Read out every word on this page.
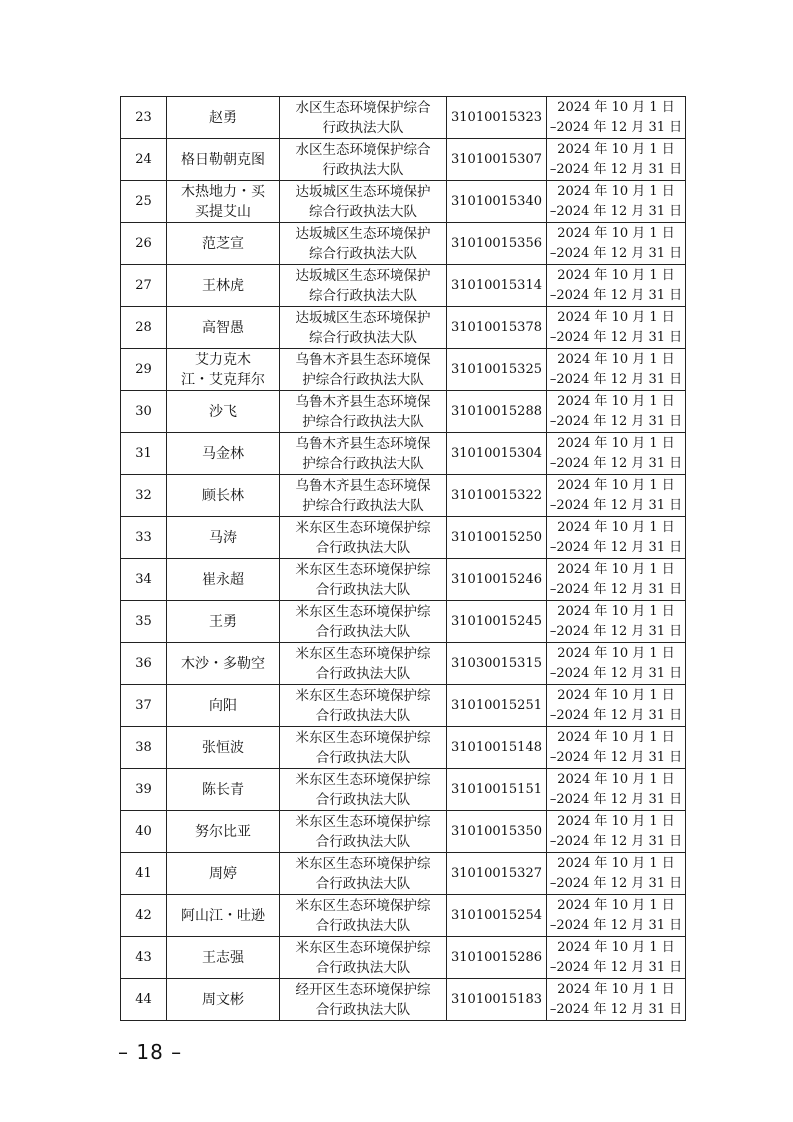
23	赵勇	水区生态环境保护综合
行政执法大队	31010015323	2024 年 10 月 1 日
–2024 年 12 月 31 日

24	格日勒朝克图	水区生态环境保护综合
行政执法大队	31010015307	2024 年 10 月 1 日
–2024 年 12 月 31 日

25	木热地力・买
买提艾山	达坂城区生态环境保护
综合行政执法大队	31010015340	2024 年 10 月 1 日
–2024 年 12 月 31 日

26	范芝宣	达坂城区生态环境保护
综合行政执法大队	31010015356	2024 年 10 月 1 日
–2024 年 12 月 31 日

27	王林虎	达坂城区生态环境保护
综合行政执法大队	31010015314	2024 年 10 月 1 日
–2024 年 12 月 31 日

28	高智愚	达坂城区生态环境保护
综合行政执法大队	31010015378	2024 年 10 月 1 日
–2024 年 12 月 31 日

29	艾力克木
江・艾克拜尔	乌鲁木齐县生态环境保
护综合行政执法大队	31010015325	2024 年 10 月 1 日
–2024 年 12 月 31 日

30	沙飞	乌鲁木齐县生态环境保
护综合行政执法大队	31010015288	2024 年 10 月 1 日
–2024 年 12 月 31 日

31	马金林	乌鲁木齐县生态环境保
护综合行政执法大队	31010015304	2024 年 10 月 1 日
–2024 年 12 月 31 日

32	顾长林	乌鲁木齐县生态环境保
护综合行政执法大队	31010015322	2024 年 10 月 1 日
–2024 年 12 月 31 日

33	马涛	米东区生态环境保护综
合行政执法大队	31010015250	2024 年 10 月 1 日
–2024 年 12 月 31 日

34	崔永超	米东区生态环境保护综
合行政执法大队	31010015246	2024 年 10 月 1 日
–2024 年 12 月 31 日

35	王勇	米东区生态环境保护综
合行政执法大队	31010015245	2024 年 10 月 1 日
–2024 年 12 月 31 日

36	木沙・多勒空	米东区生态环境保护综
合行政执法大队	31030015315	2024 年 10 月 1 日
–2024 年 12 月 31 日

37	向阳	米东区生态环境保护综
合行政执法大队	31010015251	2024 年 10 月 1 日
–2024 年 12 月 31 日

38	张恒波	米东区生态环境保护综
合行政执法大队	31010015148	2024 年 10 月 1 日
–2024 年 12 月 31 日

39	陈长青	米东区生态环境保护综
合行政执法大队	31010015151	2024 年 10 月 1 日
–2024 年 12 月 31 日

40	努尔比亚	米东区生态环境保护综
合行政执法大队	31010015350	2024 年 10 月 1 日
–2024 年 12 月 31 日

41	周婷	米东区生态环境保护综
合行政执法大队	31010015327	2024 年 10 月 1 日
–2024 年 12 月 31 日

42	阿山江・吐逊	米东区生态环境保护综
合行政执法大队	31010015254	2024 年 10 月 1 日
–2024 年 12 月 31 日

43	王志强	米东区生态环境保护综
合行政执法大队	31010015286	2024 年 10 月 1 日
–2024 年 12 月 31 日

44	周文彬	经开区生态环境保护综
合行政执法大队	31010015183	2024 年 10 月 1 日
–2024 年 12 月 31 日
– 18 –
